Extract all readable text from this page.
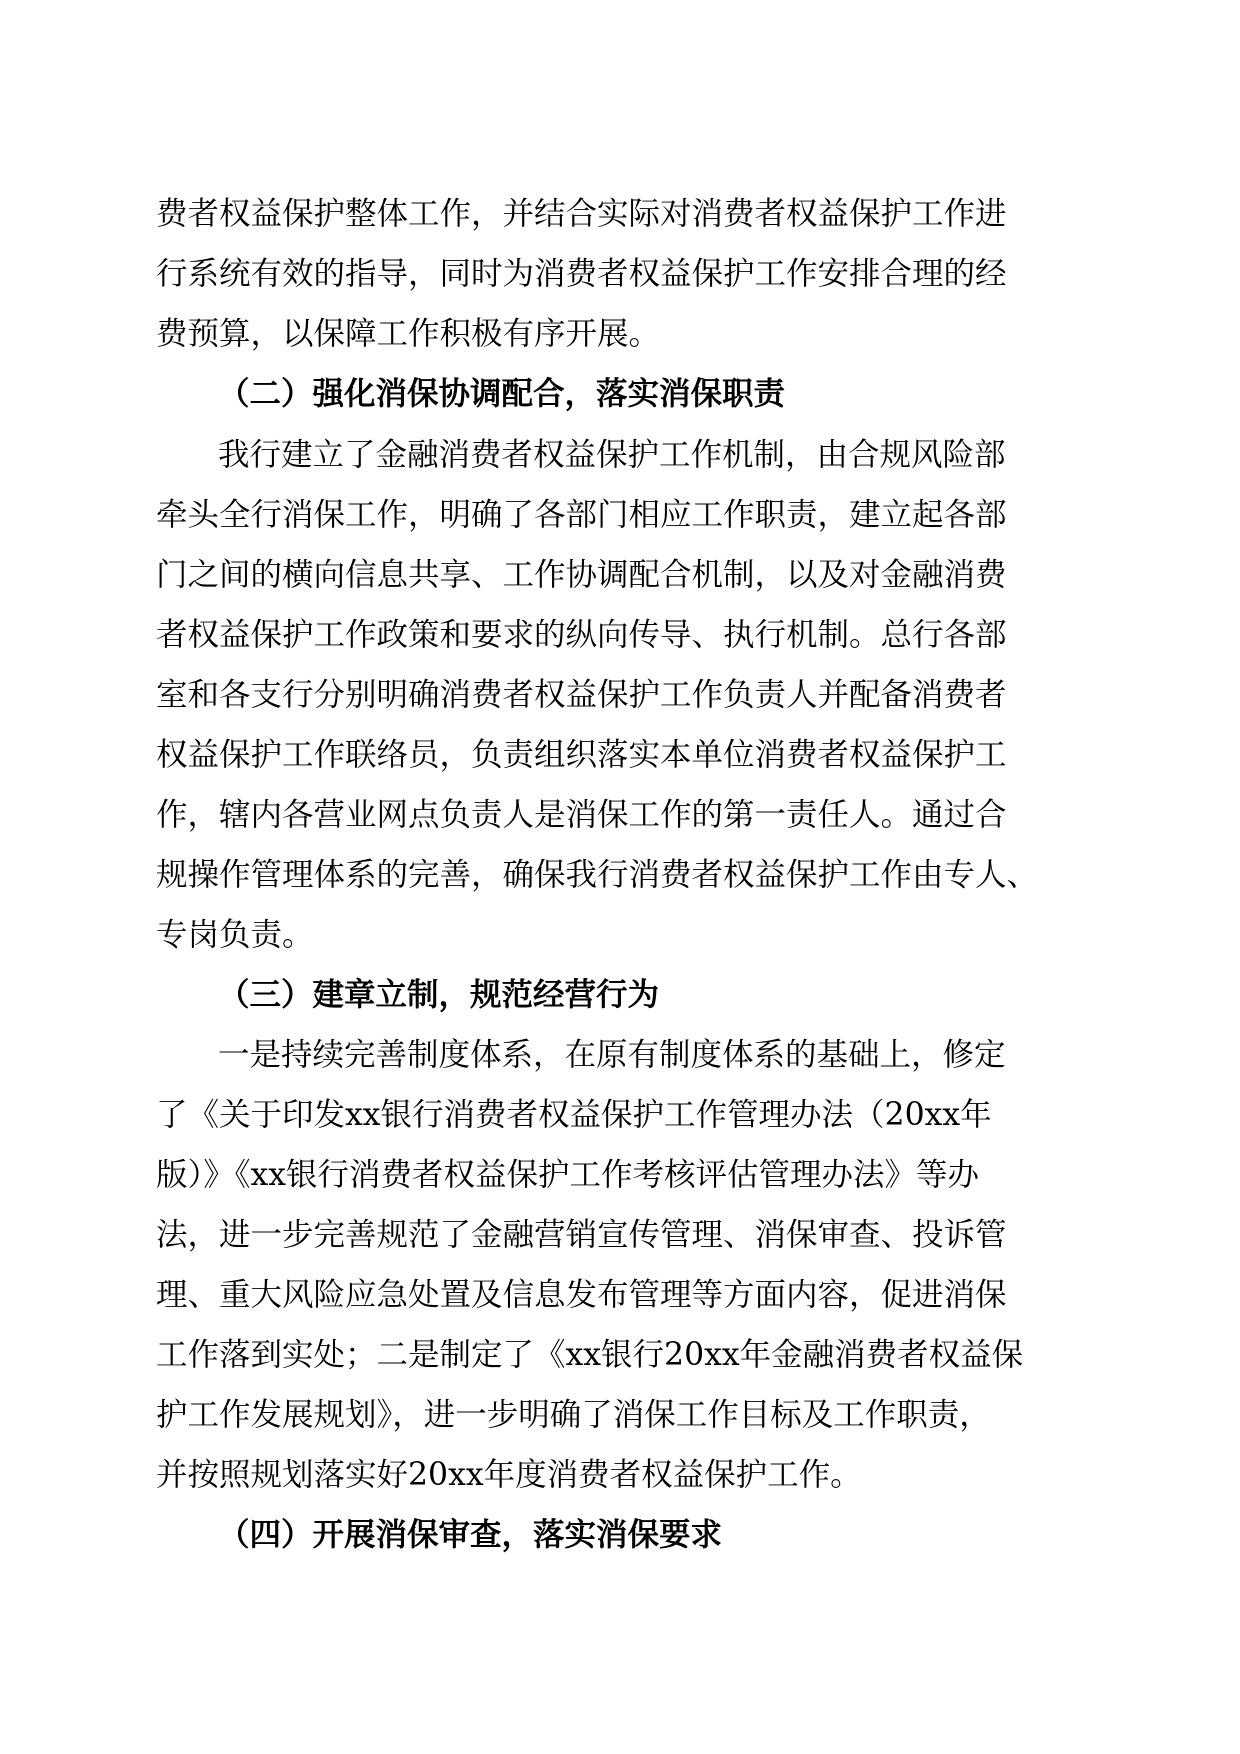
费者权益保护整体工作，并结合实际对消费者权益保护工作进
行系统有效的指导，同时为消费者权益保护工作安排合理的经
费预算，以保障工作积极有序开展。
（二）强化消保协调配合，落实消保职责
我行建立了金融消费者权益保护工作机制，由合规风险部
牵头全行消保工作，明确了各部门相应工作职责，建立起各部
门之间的横向信息共享、工作协调配合机制，以及对金融消费
者权益保护工作政策和要求的纵向传导、执行机制。总行各部
室和各支行分别明确消费者权益保护工作负责人并配备消费者
权益保护工作联络员，负责组织落实本单位消费者权益保护工
作，辖内各营业网点负责人是消保工作的第一责任人。通过合
规操作管理体系的完善，确保我行消费者权益保护工作由专人、
专岗负责。
（三）建章立制，规范经营行为
一是持续完善制度体系，在原有制度体系的基础上，修定
了《关于印发xx银行消费者权益保护工作管理办法（20xx年
版）》《xx银行消费者权益保护工作考核评估管理办法》等办
法，进一步完善规范了金融营销宣传管理、消保审查、投诉管
理、重大风险应急处置及信息发布管理等方面内容，促进消保
工作落到实处；二是制定了《xx银行20xx年金融消费者权益保
护工作发展规划》，进一步明确了消保工作目标及工作职责，
并按照规划落实好20xx年度消费者权益保护工作。
（四）开展消保审查，落实消保要求
